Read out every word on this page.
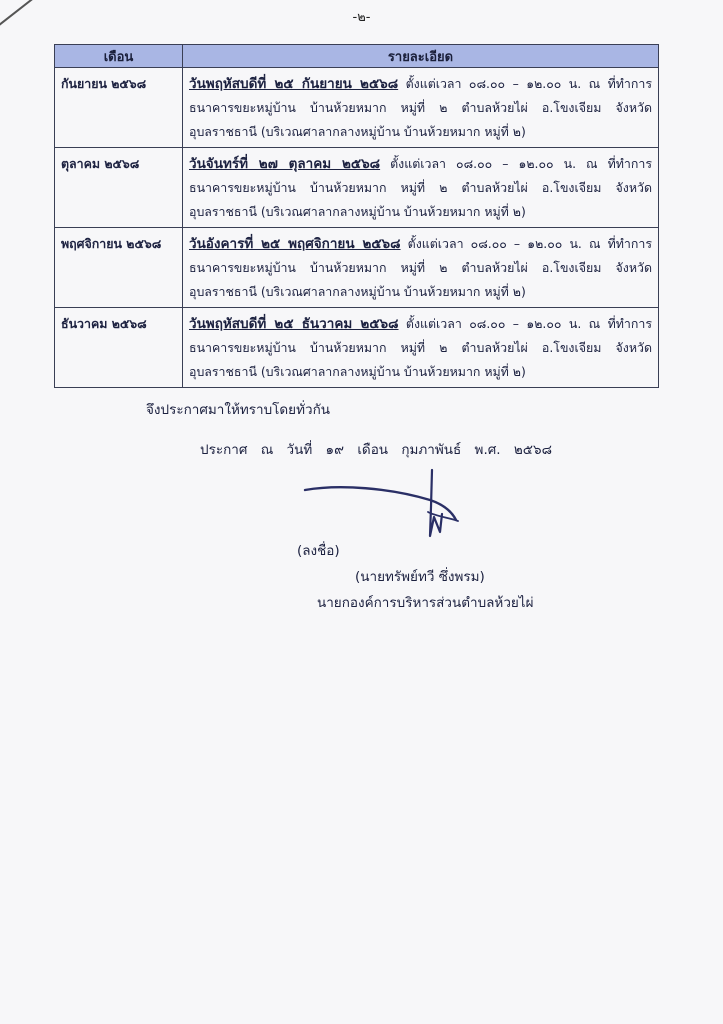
-๒-
เดือน	รายละเอียด
กันยายน ๒๕๖๘	วันพฤหัสบดีที่ ๒๕ กันยายน ๒๕๖๘ ตั้งแต่เวลา ๐๘.๐๐ – ๑๒.๐๐ น. ณ ที่ทำการ
ธนาคารขยะหมู่บ้าน บ้านห้วยหมาก หมู่ที่ ๒ ตำบลห้วยไผ่ อ.โขงเจียม จังหวัด
อุบลราชธานี (บริเวณศาลากลางหมู่บ้าน บ้านห้วยหมาก หมู่ที่ ๒)

ตุลาคม ๒๕๖๘	วันจันทร์ที่ ๒๗ ตุลาคม ๒๕๖๘ ตั้งแต่เวลา ๐๘.๐๐ – ๑๒.๐๐ น. ณ ที่ทำการ
ธนาคารขยะหมู่บ้าน บ้านห้วยหมาก หมู่ที่ ๒ ตำบลห้วยไผ่ อ.โขงเจียม จังหวัด
อุบลราชธานี (บริเวณศาลากลางหมู่บ้าน บ้านห้วยหมาก หมู่ที่ ๒)

พฤศจิกายน ๒๕๖๘	วันอังคารที่ ๒๕ พฤศจิกายน ๒๕๖๘ ตั้งแต่เวลา ๐๘.๐๐ – ๑๒.๐๐ น. ณ ที่ทำการ
ธนาคารขยะหมู่บ้าน บ้านห้วยหมาก หมู่ที่ ๒ ตำบลห้วยไผ่ อ.โขงเจียม จังหวัด
อุบลราชธานี (บริเวณศาลากลางหมู่บ้าน บ้านห้วยหมาก หมู่ที่ ๒)

ธันวาคม ๒๕๖๘	วันพฤหัสบดีที่ ๒๕ ธันวาคม ๒๕๖๘ ตั้งแต่เวลา ๐๘.๐๐ – ๑๒.๐๐ น. ณ ที่ทำการ
ธนาคารขยะหมู่บ้าน บ้านห้วยหมาก หมู่ที่ ๒ ตำบลห้วยไผ่ อ.โขงเจียม จังหวัด
อุบลราชธานี (บริเวณศาลากลางหมู่บ้าน บ้านห้วยหมาก หมู่ที่ ๒)
จึงประกาศมาให้ทราบโดยทั่วกัน
ประกาศ ณ วันที่ ๑๙ เดือน กุมภาพันธ์ พ.ศ. ๒๕๖๘
(ลงชื่อ)
(นายทรัพย์ทวี ซึ่งพรม)
นายกองค์การบริหารส่วนตำบลห้วยไผ่
